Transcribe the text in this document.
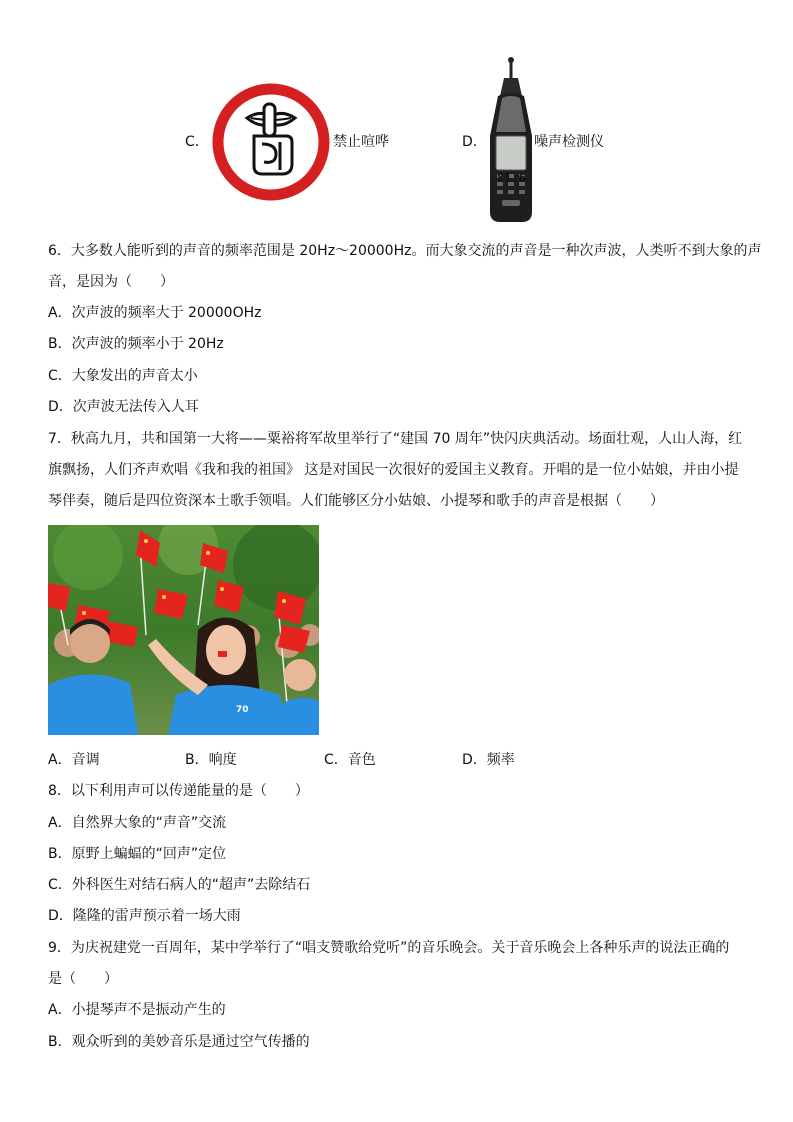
C．	禁止喧哗	D．
81.6
噪声检测仪
6．大多数人能听到的声音的频率范围是 20Hz～20000Hz。而大象交流的声音是一种次声波，人类听不到大象的声
音，是因为（　　）
A．次声波的频率大于 20000OHz
B．次声波的频率小于 20Hz
C．大象发出的声音太小
D．次声波无法传入人耳
7．秋高九月，共和国第一大将——粟裕将军故里举行了“建国 70 周年”快闪庆典活动。场面壮观，人山人海，红
旗飘扬，人们齐声欢唱《我和我的祖国》 这是对国民一次很好的爱国主义教育。开唱的是一位小姑娘，并由小提
琴伴奏，随后是四位资深本土歌手领唱。人们能够区分小姑娘、小提琴和歌手的声音是根据（　　）
70
A．音调	B．响度	C．音色	D．频率
8．以下利用声可以传递能量的是（　　）
A．自然界大象的“声音”交流
B．原野上蝙蝠的“回声”定位
C．外科医生对结石病人的“超声”去除结石
D．隆隆的雷声预示着一场大雨
9．为庆祝建党一百周年，某中学举行了“唱支赞歌给党听”的音乐晚会。关于音乐晚会上各种乐声的说法正确的
是（　　）
A．小提琴声不是振动产生的
B．观众听到的美妙音乐是通过空气传播的
